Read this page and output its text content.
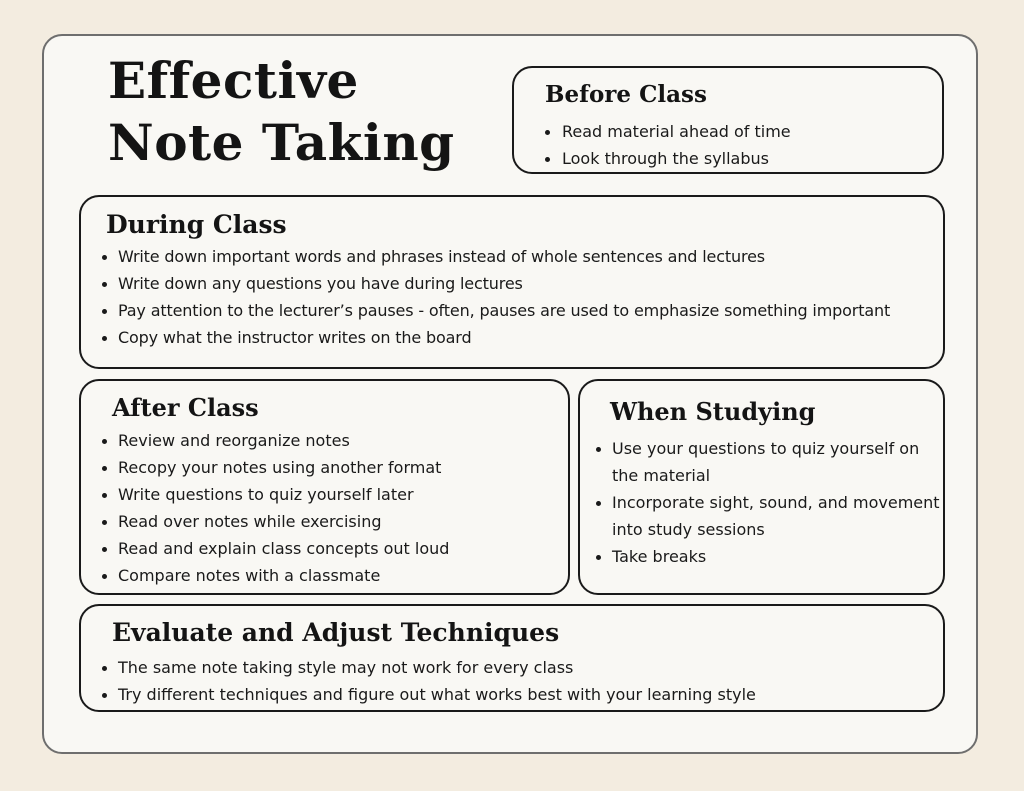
Effective
Note Taking
Before Class
Read material ahead of time
Look through the syllabus
During Class
Write down important words and phrases instead of whole sentences and lectures
Write down any questions you have during lectures
Pay attention to the lecturer’s pauses - often, pauses are used to emphasize something important
Copy what the instructor writes on the board
After Class
Review and reorganize notes
Recopy your notes using another format
Write questions to quiz yourself later
Read over notes while exercising
Read and explain class concepts out loud
Compare notes with a classmate
When Studying
Use your questions to quiz yourself on the material
Incorporate sight, sound, and movement into study sessions
Take breaks
Evaluate and Adjust Techniques
The same note taking style may not work for every class
Try different techniques and figure out what works best with your learning style
